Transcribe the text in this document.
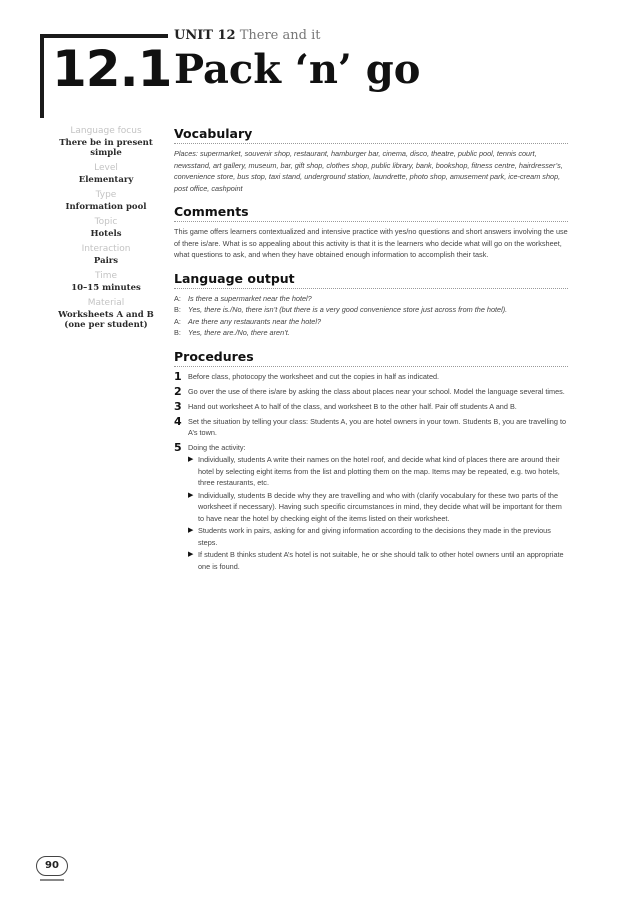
UNIT 12 There and it
12.1 Pack ‘n’ go
Language focus
There be in present
simple
Level
Elementary
Type
Information pool
Topic
Hotels
Interaction
Pairs
Time
10–15 minutes
Material
Worksheets A and B
(one per student)
Vocabulary

Places: supermarket, souvenir shop, restaurant, hamburger bar, cinema, disco, theatre, public pool, tennis court, newsstand, art gallery, museum, bar, gift shop, clothes shop, public library, bank, bookshop, fitness centre, hairdresser’s, convenience store, bus stop, taxi stand, underground station, laundrette, photo shop, amusement park, ice-cream shop, post office, cashpoint

Comments

This game offers learners contextualized and intensive practice with yes/no questions and short answers involving the use of there is/are. What is so appealing about this activity is that it is the learners who decide what will go on the worksheet, what questions to ask, and when they have obtained enough information to accomplish their task.

Language output
A: Is there a supermarket near the hotel?
B: Yes, there is./No, there isn’t (but there is a very good convenience store just across from the hotel).
A: Are there any restaurants near the hotel?
B: Yes, there are./No, there aren’t.
Procedures
1 Before class, photocopy the worksheet and cut the copies in half as indicated.

2 Go over the use of there is/are by asking the class about places near your school. Model the language several times.

3 Hand out worksheet A to half of the class, and worksheet B to the other half. Pair off students A and B.

4 Set the situation by telling your class: Students A, you are hotel owners in your town. Students B, you are travelling to A’s town.

5 Doing the activity:

▶ Individually, students A write their names on the hotel roof, and decide what kind of places there are around their hotel by selecting eight items from the list and plotting them on the map. Items may be repeated, e.g. two hotels, three restaurants, etc.

▶ Individually, students B decide why they are travelling and who with (clarify vocabulary for these two parts of the worksheet if necessary). Having such specific circumstances in mind, they decide what will be important for them to have near the hotel by checking eight of the items listed on their worksheet.

▶ Students work in pairs, asking for and giving information according to the decisions they made in the previous steps.

▶ If student B thinks student A’s hotel is not suitable, he or she should talk to other hotel owners until an appropriate one is found.

90
